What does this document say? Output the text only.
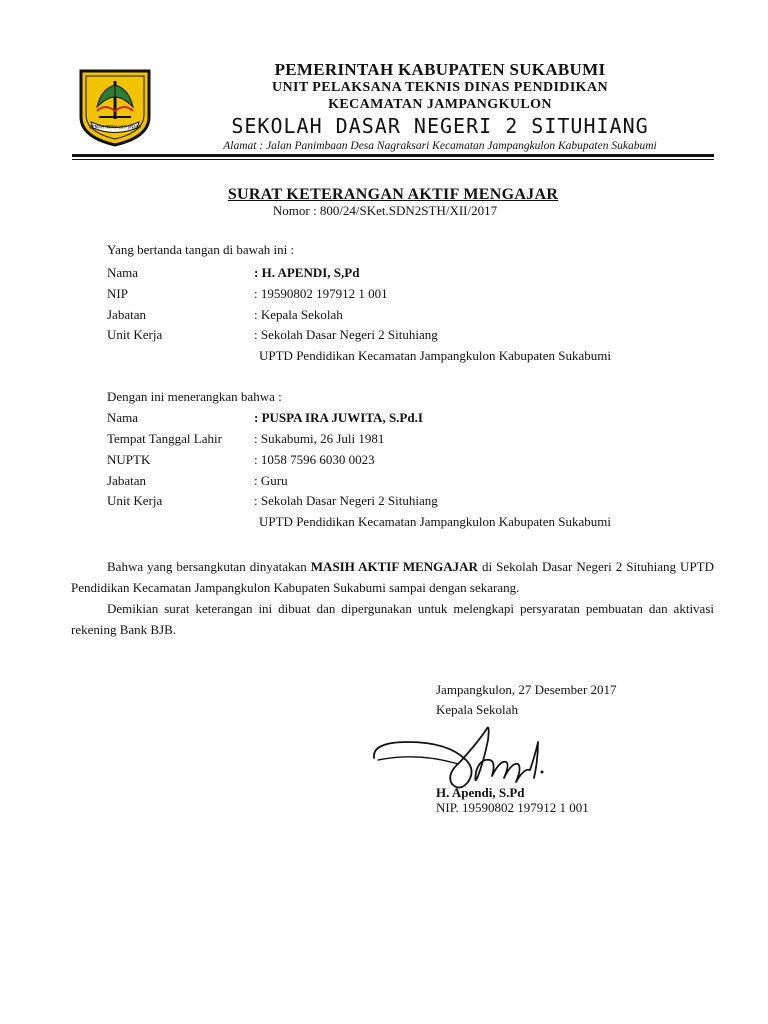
GEMAH RIPAH LOH JINAWI
PEMERINTAH KABUPATEN SUKABUMI
UNIT PELAKSANA TEKNIS DINAS PENDIDIKAN
KECAMATAN JAMPANGKULON
SEKOLAH DASAR NEGERI 2 SITUHIANG
Alamat : Jalan Panimbaan Desa Nagraksari Kecamatan Jampangkulon Kabupaten Sukabumi
SURAT KETERANGAN AKTIF MENGAJAR
Nomor : 800/24/SKet.SDN2STH/XII/2017
Yang bertanda tangan di bawah ini :
Nama	: H. APENDI, S,Pd
NIP	: 19590802 197912 1 001
Jabatan	: Kepala Sekolah
Unit Kerja	: Sekolah Dasar Negeri 2 Situhiang
UPTD Pendidikan Kecamatan Jampangkulon Kabupaten Sukabumi
Dengan ini menerangkan bahwa :
Nama	: PUSPA IRA JUWITA, S.Pd.I
Tempat Tanggal Lahir : Sukabumi, 26 Juli 1981
NUPTK	: 1058 7596 6030 0023
Jabatan	: Guru
Unit Kerja	: Sekolah Dasar Negeri 2 Situhiang
UPTD Pendidikan Kecamatan Jampangkulon Kabupaten Sukabumi
Bahwa yang bersangkutan dinyatakan MASIH AKTIF MENGAJAR di Sekolah Dasar Negeri 2 Situhiang UPTD Pendidikan Kecamatan Jampangkulon Kabupaten Sukabumi sampai dengan sekarang.
Demikian surat keterangan ini dibuat dan dipergunakan untuk melengkapi persyaratan pembuatan dan aktivasi rekening Bank BJB.
Jampangkulon, 27 Desember 2017
Kepala Sekolah
H. Apendi, S.Pd
NIP. 19590802 197912 1 001
